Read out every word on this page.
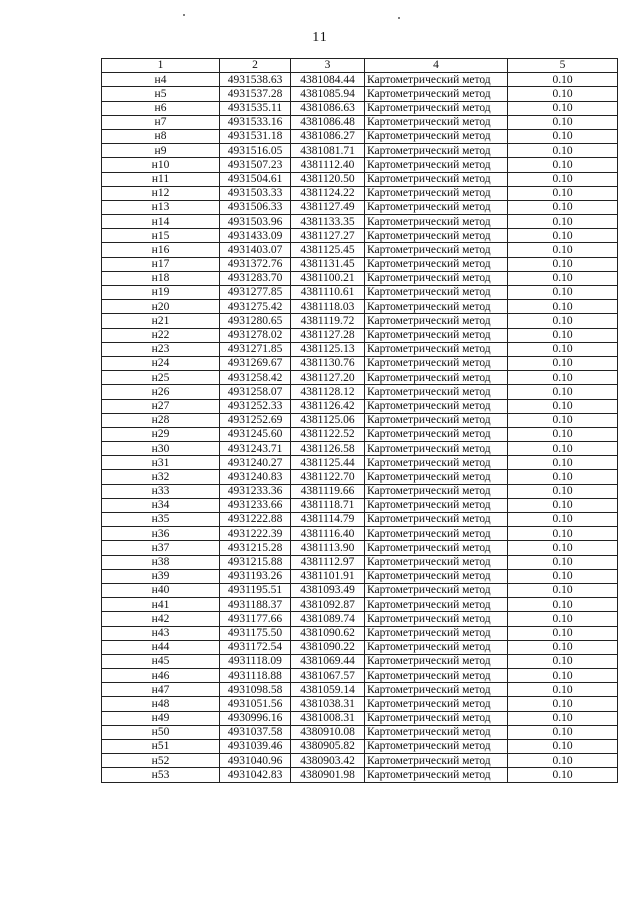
11
1	2	3	4	5
н4	4931538.63	4381084.44	Картометрический метод	0.10
н5	4931537.28	4381085.94	Картометрический метод	0.10
н6	4931535.11	4381086.63	Картометрический метод	0.10
н7	4931533.16	4381086.48	Картометрический метод	0.10
н8	4931531.18	4381086.27	Картометрический метод	0.10
н9	4931516.05	4381081.71	Картометрический метод	0.10
н10	4931507.23	4381112.40	Картометрический метод	0.10
н11	4931504.61	4381120.50	Картометрический метод	0.10
н12	4931503.33	4381124.22	Картометрический метод	0.10
н13	4931506.33	4381127.49	Картометрический метод	0.10
н14	4931503.96	4381133.35	Картометрический метод	0.10
н15	4931433.09	4381127.27	Картометрический метод	0.10
н16	4931403.07	4381125.45	Картометрический метод	0.10
н17	4931372.76	4381131.45	Картометрический метод	0.10
н18	4931283.70	4381100.21	Картометрический метод	0.10
н19	4931277.85	4381110.61	Картометрический метод	0.10
н20	4931275.42	4381118.03	Картометрический метод	0.10
н21	4931280.65	4381119.72	Картометрический метод	0.10
н22	4931278.02	4381127.28	Картометрический метод	0.10
н23	4931271.85	4381125.13	Картометрический метод	0.10
н24	4931269.67	4381130.76	Картометрический метод	0.10
н25	4931258.42	4381127.20	Картометрический метод	0.10
н26	4931258.07	4381128.12	Картометрический метод	0.10
н27	4931252.33	4381126.42	Картометрический метод	0.10
н28	4931252.69	4381125.06	Картометрический метод	0.10
н29	4931245.60	4381122.52	Картометрический метод	0.10
н30	4931243.71	4381126.58	Картометрический метод	0.10
н31	4931240.27	4381125.44	Картометрический метод	0.10
н32	4931240.83	4381122.70	Картометрический метод	0.10
н33	4931233.36	4381119.66	Картометрический метод	0.10
н34	4931233.66	4381118.71	Картометрический метод	0.10
н35	4931222.88	4381114.79	Картометрический метод	0.10
н36	4931222.39	4381116.40	Картометрический метод	0.10
н37	4931215.28	4381113.90	Картометрический метод	0.10
н38	4931215.88	4381112.97	Картометрический метод	0.10
н39	4931193.26	4381101.91	Картометрический метод	0.10
н40	4931195.51	4381093.49	Картометрический метод	0.10
н41	4931188.37	4381092.87	Картометрический метод	0.10
н42	4931177.66	4381089.74	Картометрический метод	0.10
н43	4931175.50	4381090.62	Картометрический метод	0.10
н44	4931172.54	4381090.22	Картометрический метод	0.10
н45	4931118.09	4381069.44	Картометрический метод	0.10
н46	4931118.88	4381067.57	Картометрический метод	0.10
н47	4931098.58	4381059.14	Картометрический метод	0.10
н48	4931051.56	4381038.31	Картометрический метод	0.10
н49	4930996.16	4381008.31	Картометрический метод	0.10
н50	4931037.58	4380910.08	Картометрический метод	0.10
н51	4931039.46	4380905.82	Картометрический метод	0.10
н52	4931040.96	4380903.42	Картометрический метод	0.10
н53	4931042.83	4380901.98	Картометрический метод	0.10
